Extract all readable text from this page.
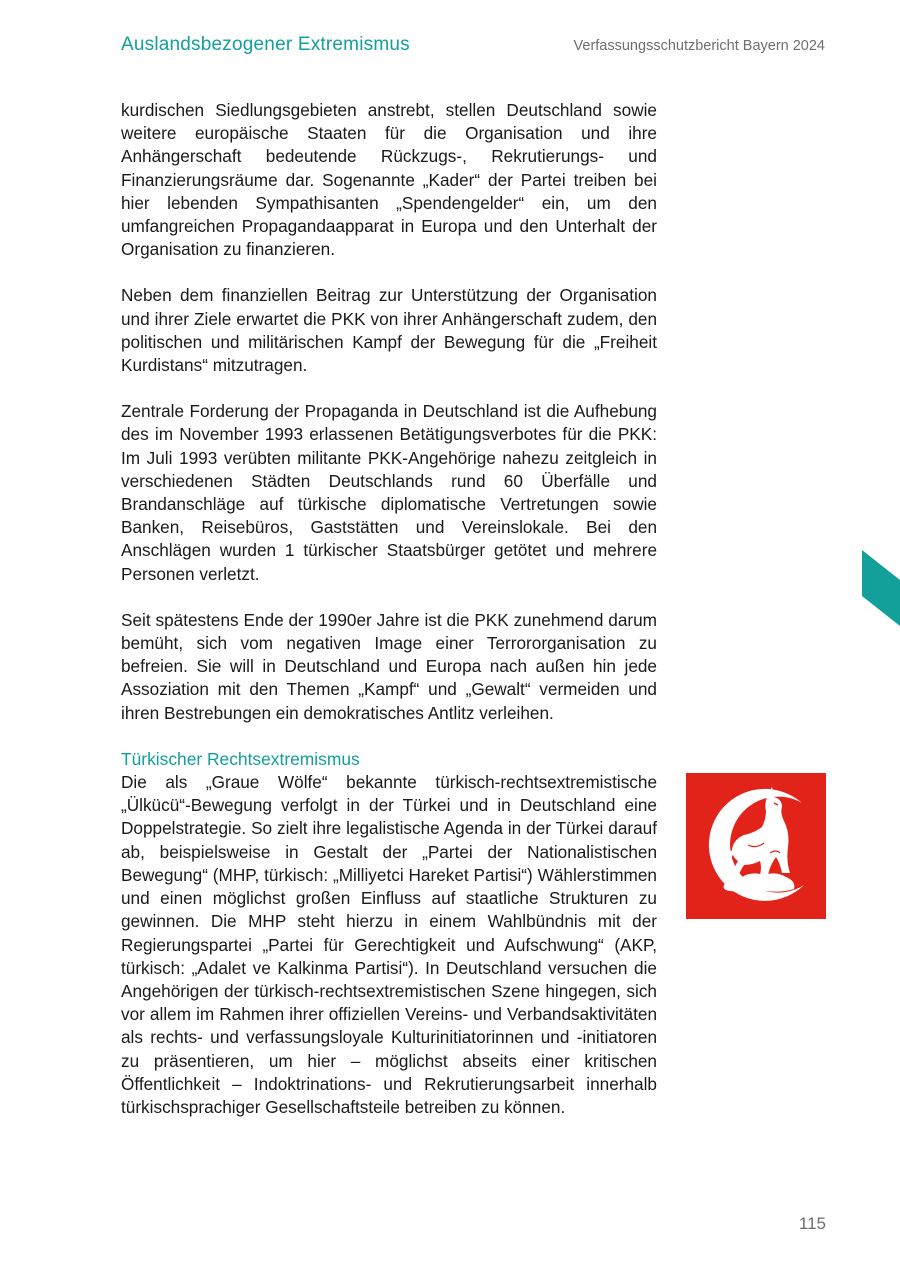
Auslandsbezogener Extremismus	Verfassungsschutzbericht Bayern 2024

kurdischen Siedlungsgebieten anstrebt, stellen Deutschland sowie weitere europäische Staaten für die Organisation und ihre Anhängerschaft bedeutende Rückzugs-, Rekrutierungs- und Finanzierungsräume dar. Sogenannte „Kader“ der Partei treiben bei hier lebenden Sympathisanten „Spendengelder“ ein, um den umfangreichen Propagandaapparat in Europa und den Unterhalt der Organisation zu finanzieren.

Neben dem finanziellen Beitrag zur Unterstützung der Organisation und ihrer Ziele erwartet die PKK von ihrer Anhängerschaft zudem, den politischen und militärischen Kampf der Bewegung für die „Freiheit Kurdistans“ mitzutragen.

Zentrale Forderung der Propaganda in Deutschland ist die Aufhebung des im November 1993 erlassenen Betätigungsverbotes für die PKK: Im Juli 1993 verübten militante PKK-Angehörige nahezu zeitgleich in verschiedenen Städten Deutschlands rund 60 Überfälle und Brandanschläge auf türkische diplomatische Vertretungen sowie Banken, Reisebüros, Gaststätten und Vereinslokale. Bei den Anschlägen wurden 1 türkischer Staatsbürger getötet und mehrere Personen verletzt.

Seit spätestens Ende der 1990er Jahre ist die PKK zunehmend darum bemüht, sich vom negativen Image einer Terrororganisation zu befreien. Sie will in Deutschland und Europa nach außen hin jede Assoziation mit den Themen „Kampf“ und „Gewalt“ vermeiden und ihren Bestrebungen ein demokratisches Antlitz verleihen.

Türkischer Rechtsextremismus

Die als „Graue Wölfe“ bekannte türkisch-rechtsextremistische „Ülkücü“-Bewegung verfolgt in der Türkei und in Deutschland eine Doppelstrategie. So zielt ihre legalistische Agenda in der Türkei darauf ab, beispielsweise in Gestalt der „Partei der Nationalistischen Bewegung“ (MHP, türkisch: „Milliyetci Hareket Partisi“) Wählerstimmen und einen möglichst großen Einfluss auf staatliche Strukturen zu gewinnen. Die MHP steht hierzu in einem Wahlbündnis mit der Regierungspartei „Partei für Gerechtigkeit und Aufschwung“ (AKP, türkisch: „Adalet ve Kalkinma Partisi“). In Deutschland versuchen die Angehörigen der türkisch-rechtsextremistischen Szene hingegen, sich vor allem im Rahmen ihrer offiziellen Vereins- und Verbandsaktivitäten als rechts- und verfassungsloyale Kulturinitiatorinnen und -initiatoren zu präsentieren, um hier – möglichst abseits einer kritischen Öffentlichkeit – Indoktrinations- und Rekrutierungsarbeit innerhalb türkischsprachiger Gesellschaftsteile betreiben zu können.

115
